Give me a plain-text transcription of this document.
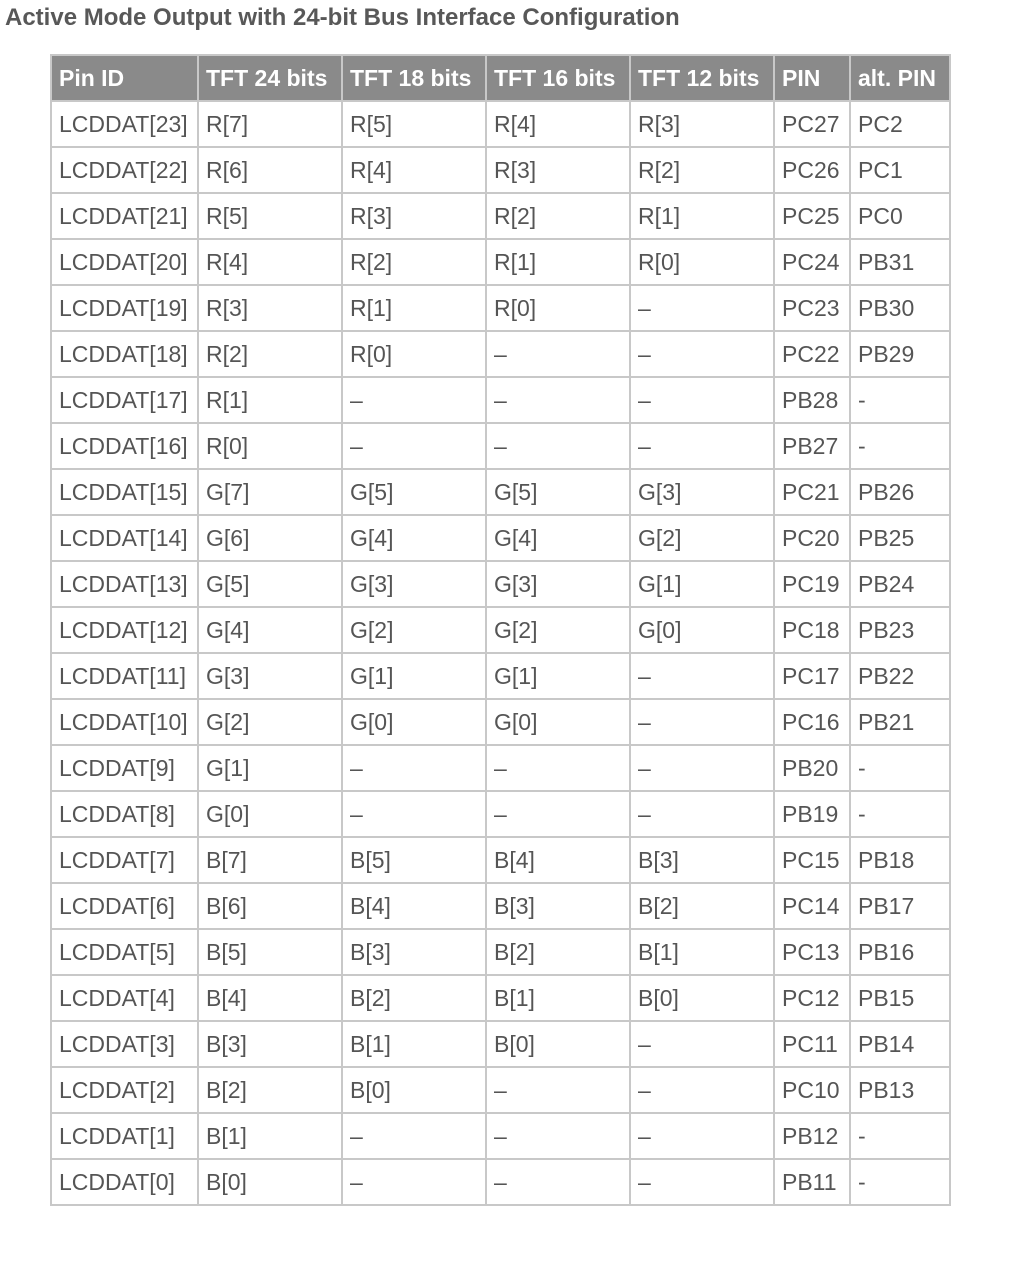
Active Mode Output with 24-bit Bus Interface Configuration
Pin ID	TFT 24 bits	TFT 18 bits	TFT 16 bits	TFT 12 bits	PIN	alt. PIN
LCDDAT[23]	R[7]	R[5]	R[4]	R[3]	PC27	PC2
LCDDAT[22]	R[6]	R[4]	R[3]	R[2]	PC26	PC1
LCDDAT[21]	R[5]	R[3]	R[2]	R[1]	PC25	PC0
LCDDAT[20]	R[4]	R[2]	R[1]	R[0]	PC24	PB31
LCDDAT[19]	R[3]	R[1]	R[0]	–	PC23	PB30
LCDDAT[18]	R[2]	R[0]	–	–	PC22	PB29
LCDDAT[17]	R[1]	–	–	–	PB28	-
LCDDAT[16]	R[0]	–	–	–	PB27	-
LCDDAT[15]	G[7]	G[5]	G[5]	G[3]	PC21	PB26
LCDDAT[14]	G[6]	G[4]	G[4]	G[2]	PC20	PB25
LCDDAT[13]	G[5]	G[3]	G[3]	G[1]	PC19	PB24
LCDDAT[12]	G[4]	G[2]	G[2]	G[0]	PC18	PB23
LCDDAT[11]	G[3]	G[1]	G[1]	–	PC17	PB22
LCDDAT[10]	G[2]	G[0]	G[0]	–	PC16	PB21
LCDDAT[9]	G[1]	–	–	–	PB20	-
LCDDAT[8]	G[0]	–	–	–	PB19	-
LCDDAT[7]	B[7]	B[5]	B[4]	B[3]	PC15	PB18
LCDDAT[6]	B[6]	B[4]	B[3]	B[2]	PC14	PB17
LCDDAT[5]	B[5]	B[3]	B[2]	B[1]	PC13	PB16
LCDDAT[4]	B[4]	B[2]	B[1]	B[0]	PC12	PB15
LCDDAT[3]	B[3]	B[1]	B[0]	–	PC11	PB14
LCDDAT[2]	B[2]	B[0]	–	–	PC10	PB13
LCDDAT[1]	B[1]	–	–	–	PB12	-
LCDDAT[0]	B[0]	–	–	–	PB11	-
